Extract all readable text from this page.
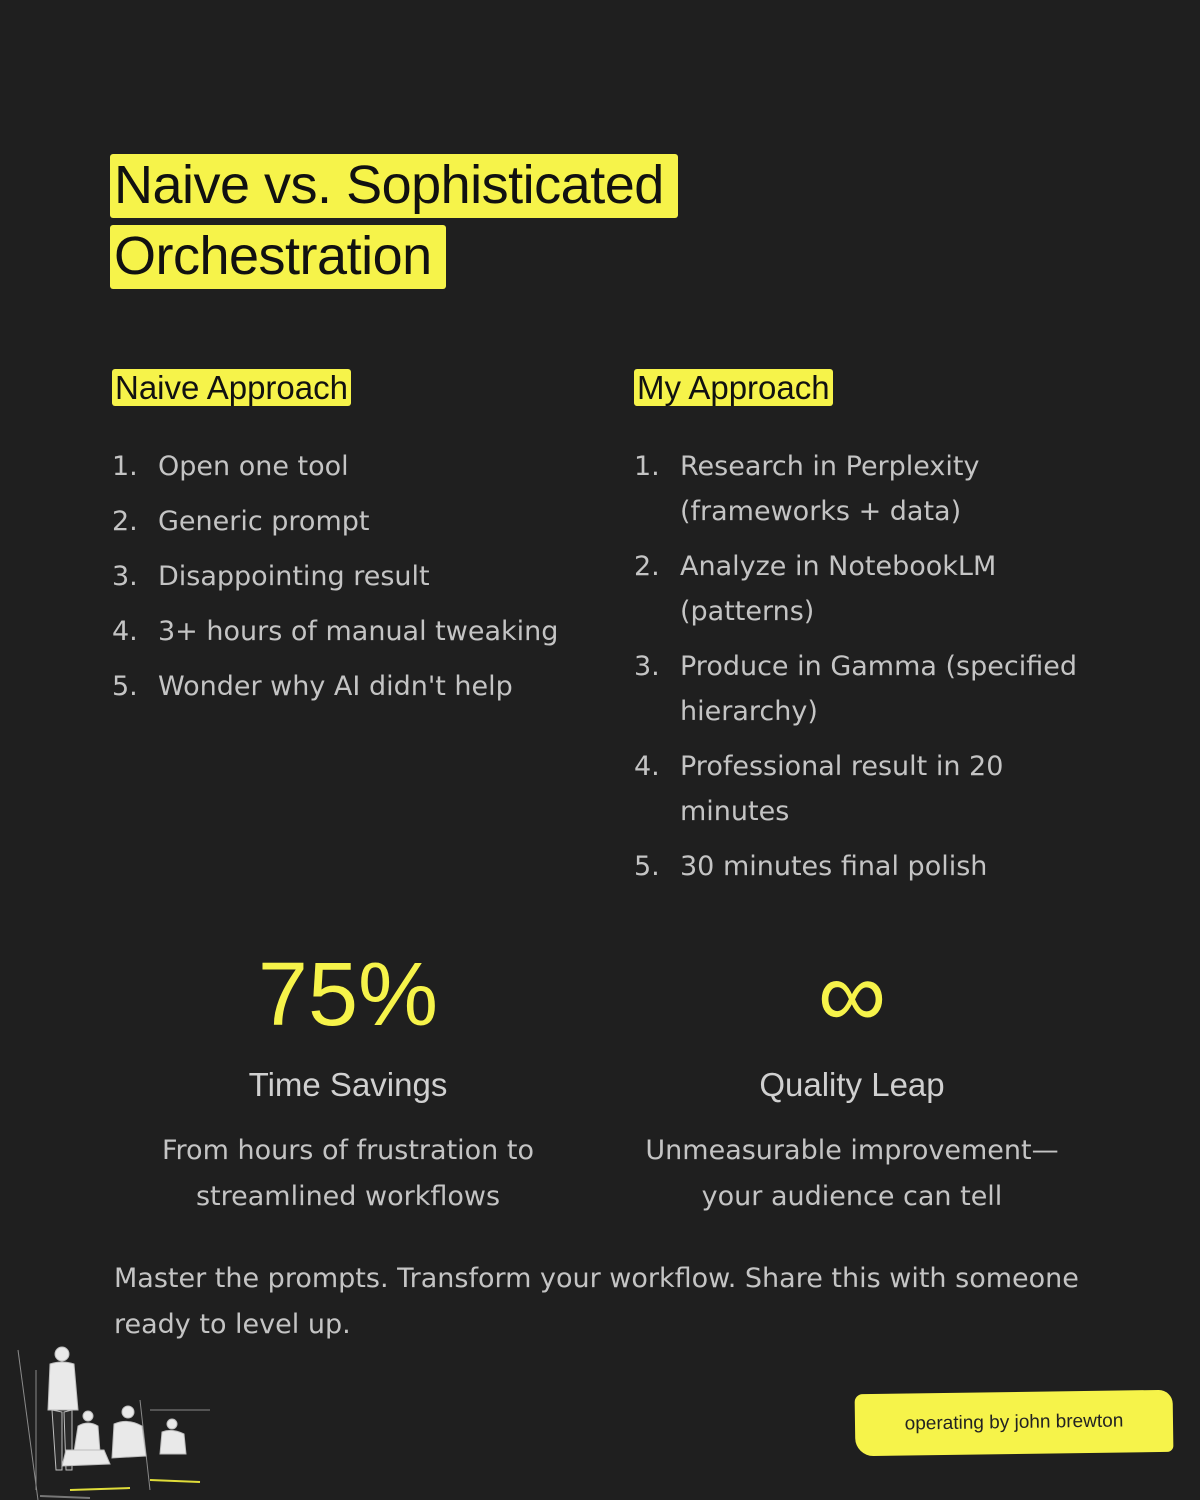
Naive vs. Sophisticated Orchestration
Naive Approach
1. Open one tool
2. Generic prompt
3. Disappointing result
4. 3+ hours of manual tweaking
5. Wonder why AI didn't help
My Approach
1. Research in Perplexity (frameworks + data)
2. Analyze in NotebookLM (patterns)
3. Produce in Gamma (specified hierarchy)
4. Professional result in 20 minutes
5. 30 minutes final polish
75%
Time Savings
From hours of frustration to streamlined workflows
∞
Quality Leap
Unmeasurable improvement—your audience can tell

Master the prompts. Transform your workflow. Share this with someone ready to level up.

operating by john brewton
